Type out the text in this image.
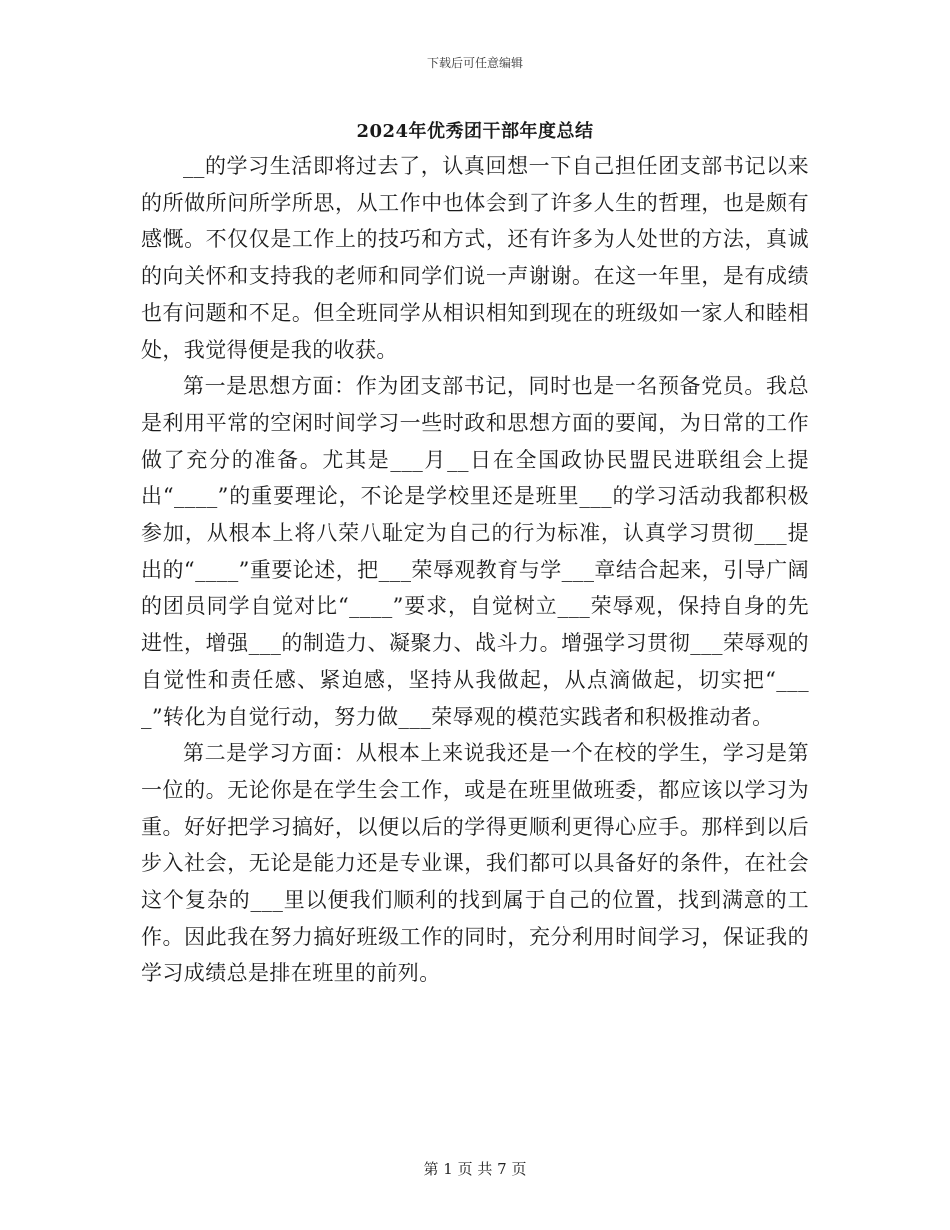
下载后可任意编辑
2024年优秀团干部年度总结

__的学习生活即将过去了，认真回想一下自己担任团支部书记以来的所做所问所学所思，从工作中也体会到了许多人生的哲理，也是颇有感慨。不仅仅是工作上的技巧和方式，还有许多为人处世的方法，真诚的向关怀和支持我的老师和同学们说一声谢谢。在这一年里，是有成绩也有问题和不足。但全班同学从相识相知到现在的班级如一家人和睦相处，我觉得便是我的收获。

第一是思想方面：作为团支部书记，同时也是一名预备党员。我总是利用平常的空闲时间学习一些时政和思想方面的要闻，为日常的工作做了充分的准备。尤其是___月__日在全国政协民盟民进联组会上提出“____”的重要理论，不论是学校里还是班里___的学习活动我都积极参加，从根本上将八荣八耻定为自己的行为标准，认真学习贯彻___提出的“____”重要论述，把___荣辱观教育与学___章结合起来，引导广阔的团员同学自觉对比“____”要求，自觉树立___荣辱观，保持自身的先进性，增强___的制造力、凝聚力、战斗力。增强学习贯彻___荣辱观的自觉性和责任感、紧迫感，坚持从我做起，从点滴做起，切实把“____”转化为自觉行动，努力做___荣辱观的模范实践者和积极推动者。

第二是学习方面：从根本上来说我还是一个在校的学生，学习是第一位的。无论你是在学生会工作，或是在班里做班委，都应该以学习为重。好好把学习搞好，以便以后的学得更顺利更得心应手。那样到以后步入社会，无论是能力还是专业课，我们都可以具备好的条件，在社会这个复杂的___里以便我们顺利的找到属于自己的位置，找到满意的工作。因此我在努力搞好班级工作的同时，充分利用时间学习，保证我的学习成绩总是排在班里的前列。

第 1 页 共 7 页
